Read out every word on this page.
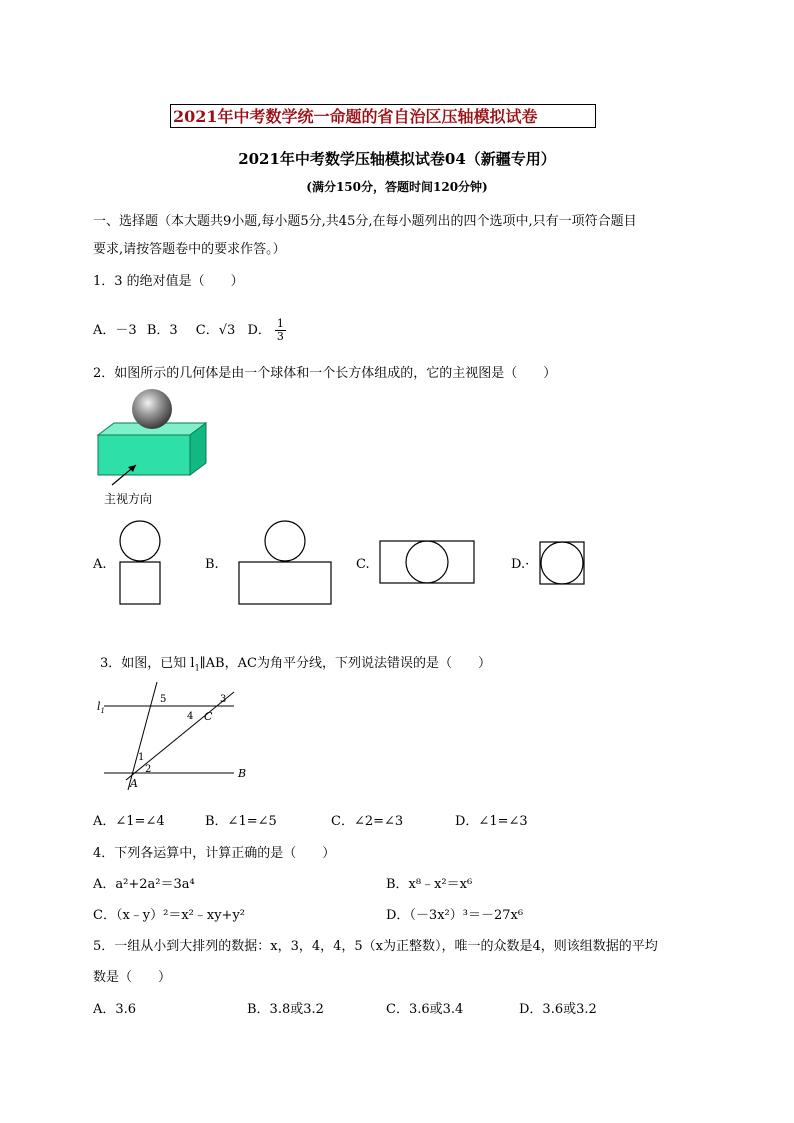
2021年中考数学统一命题的省自治区压轴模拟试卷
2021年中考数学压轴模拟试卷04（新疆专用）
(满分150分，答题时间120分钟)
一、选择题（本大题共9小题,每小题5分,共45分,在每小题列出的四个选项中,只有一项符合题目
要求,请按答题卷中的要求作答。）
1．3 的绝对值是（　　）
A．－3 B．3 C．√3 D． $\frac{1}{3}$
2．如图所示的几何体是由一个球体和一个长方体组成的，它的主视图是（　　）
主视方向
A.	B.	C.	D.·
3．如图，已知 $l_1\parallel AB$，AC为角平分线，下列说法错误的是（　　）
$l_1$
B
A
C
1
2
3
4
5
A．∠1=∠4	B．∠1=∠5	C．∠2=∠3	D．∠1=∠3
4．下列各运算中，计算正确的是（　　）
A．a²+2a²＝3a⁴	B．x⁸﹣x²＝x⁶
C．（x﹣y）²＝x²﹣xy+y²	D．（－3x²）³＝－27x⁶
5．一组从小到大排列的数据：x，3，4，4，5（x为正整数），唯一的众数是4，则该组数据的平均
数是（　　）
A．3.6	B．3.8或3.2	C．3.6或3.4	D．3.6或3.2
